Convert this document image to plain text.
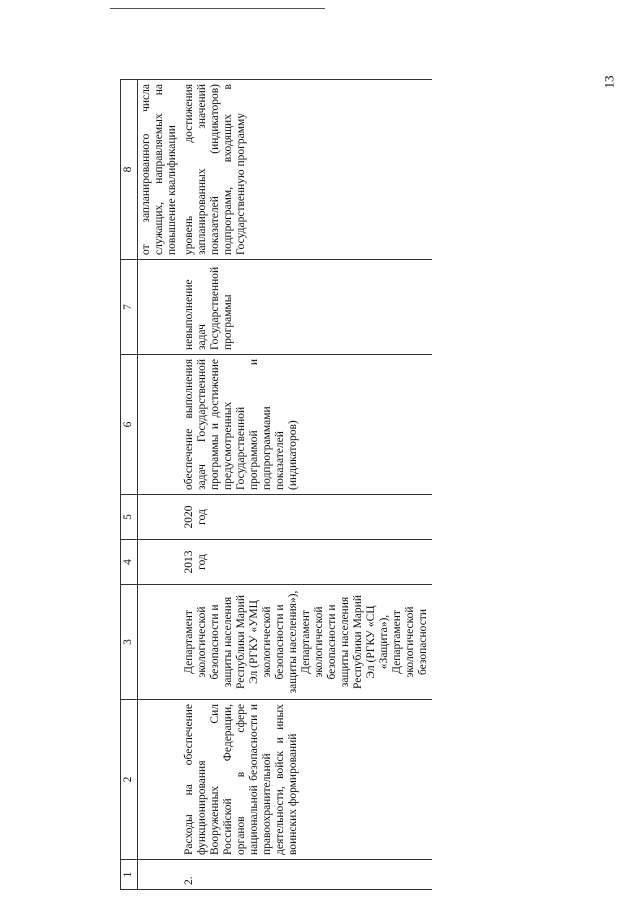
13
1	2	3	4	5	6	7	8
							от запланированного числа служащих, направляемых на повышение квалификации
2.	Расходы на обеспечение функционирования Вооруженных Сил Российской Федерации, органов в сфере национальной безопасности и правоохранительной деятельности, войск и иных воинских формирований	Департамент экологической безопасности и защиты населения Республики Марий Эл (РГКУ «УМЦ экологической безопасности и защиты населения»), Департамент экологической безопасности и защиты населения Республики Марий Эл (РГКУ «СЦ «Защита»), Департамент экологической безопасности	2013 год	2020 год	обеспечение выполнения задач Государственной программы и достижение предусмотренных Государственной программой и подпрограммами показателей (индикаторов)	невыполнение задач Государственной программы	уровень достижения запланированных значений показателей (индикаторов) подпрограмм, входящих в Государственную программу
